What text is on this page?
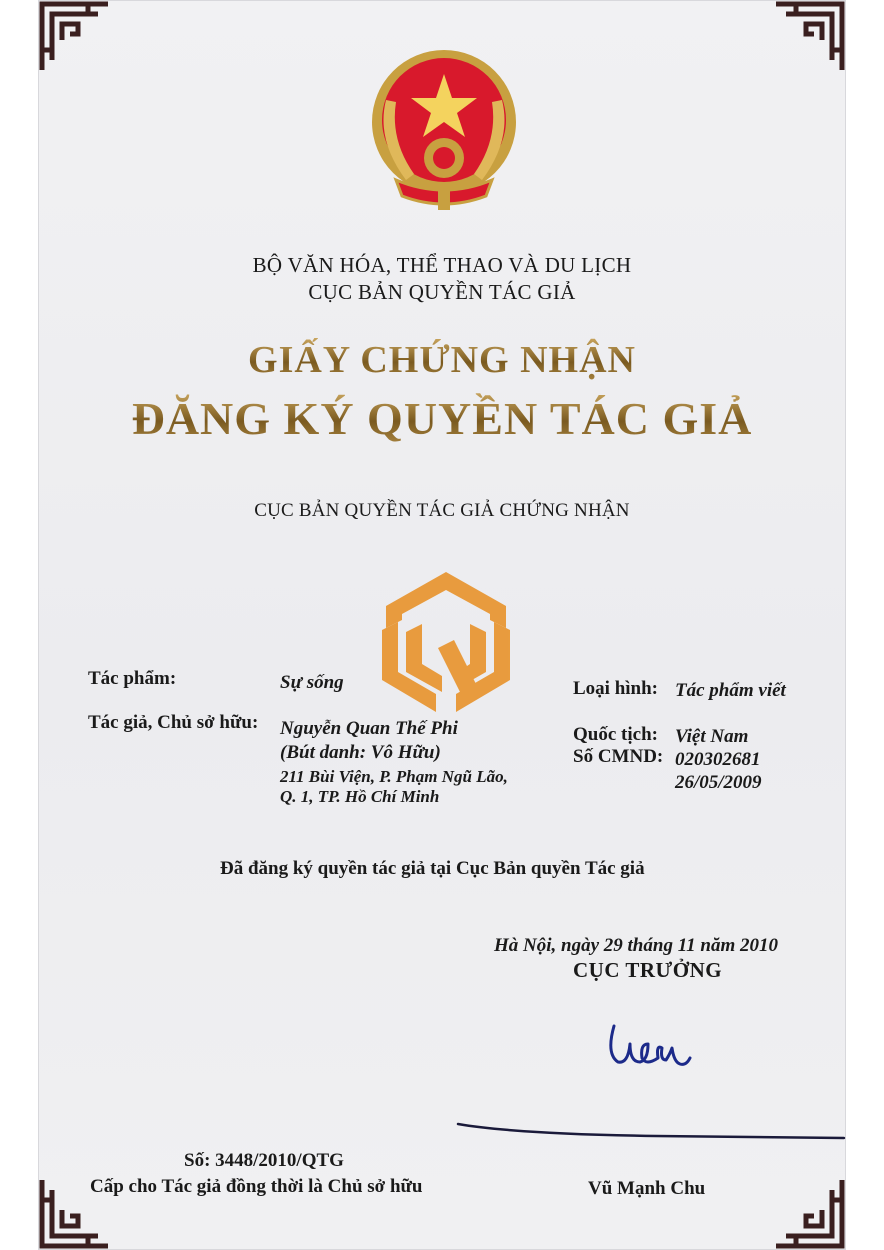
BỘ VĂN HÓA, THỂ THAO VÀ DU LỊCH
CỤC BẢN QUYỀN TÁC GIẢ
GIẤY CHỨNG NHẬN
ĐĂNG KÝ QUYỀN TÁC GIẢ
CỤC BẢN QUYỀN TÁC GIẢ CHỨNG NHẬN
Tác phẩm:	Sự sống
Tác giả, Chủ sở hữu: Nguyễn Quan Thế Phi
(Bút danh: Vô Hữu)
211 Bùi Viện, P. Phạm Ngũ Lão,
Q. 1, TP. Hồ Chí Minh
Loại hình: Tác phẩm viết
Quốc tịch: Việt Nam
Số CMND: 020302681
26/05/2009
Đã đăng ký quyền tác giả tại Cục Bản quyền Tác giả
Hà Nội, ngày 29 tháng 11 năm 2010
CỤC TRƯỞNG
Số: 3448/2010/QTG
Cấp cho Tác giả đồng thời là Chủ sở hữu	Vũ Mạnh Chu
